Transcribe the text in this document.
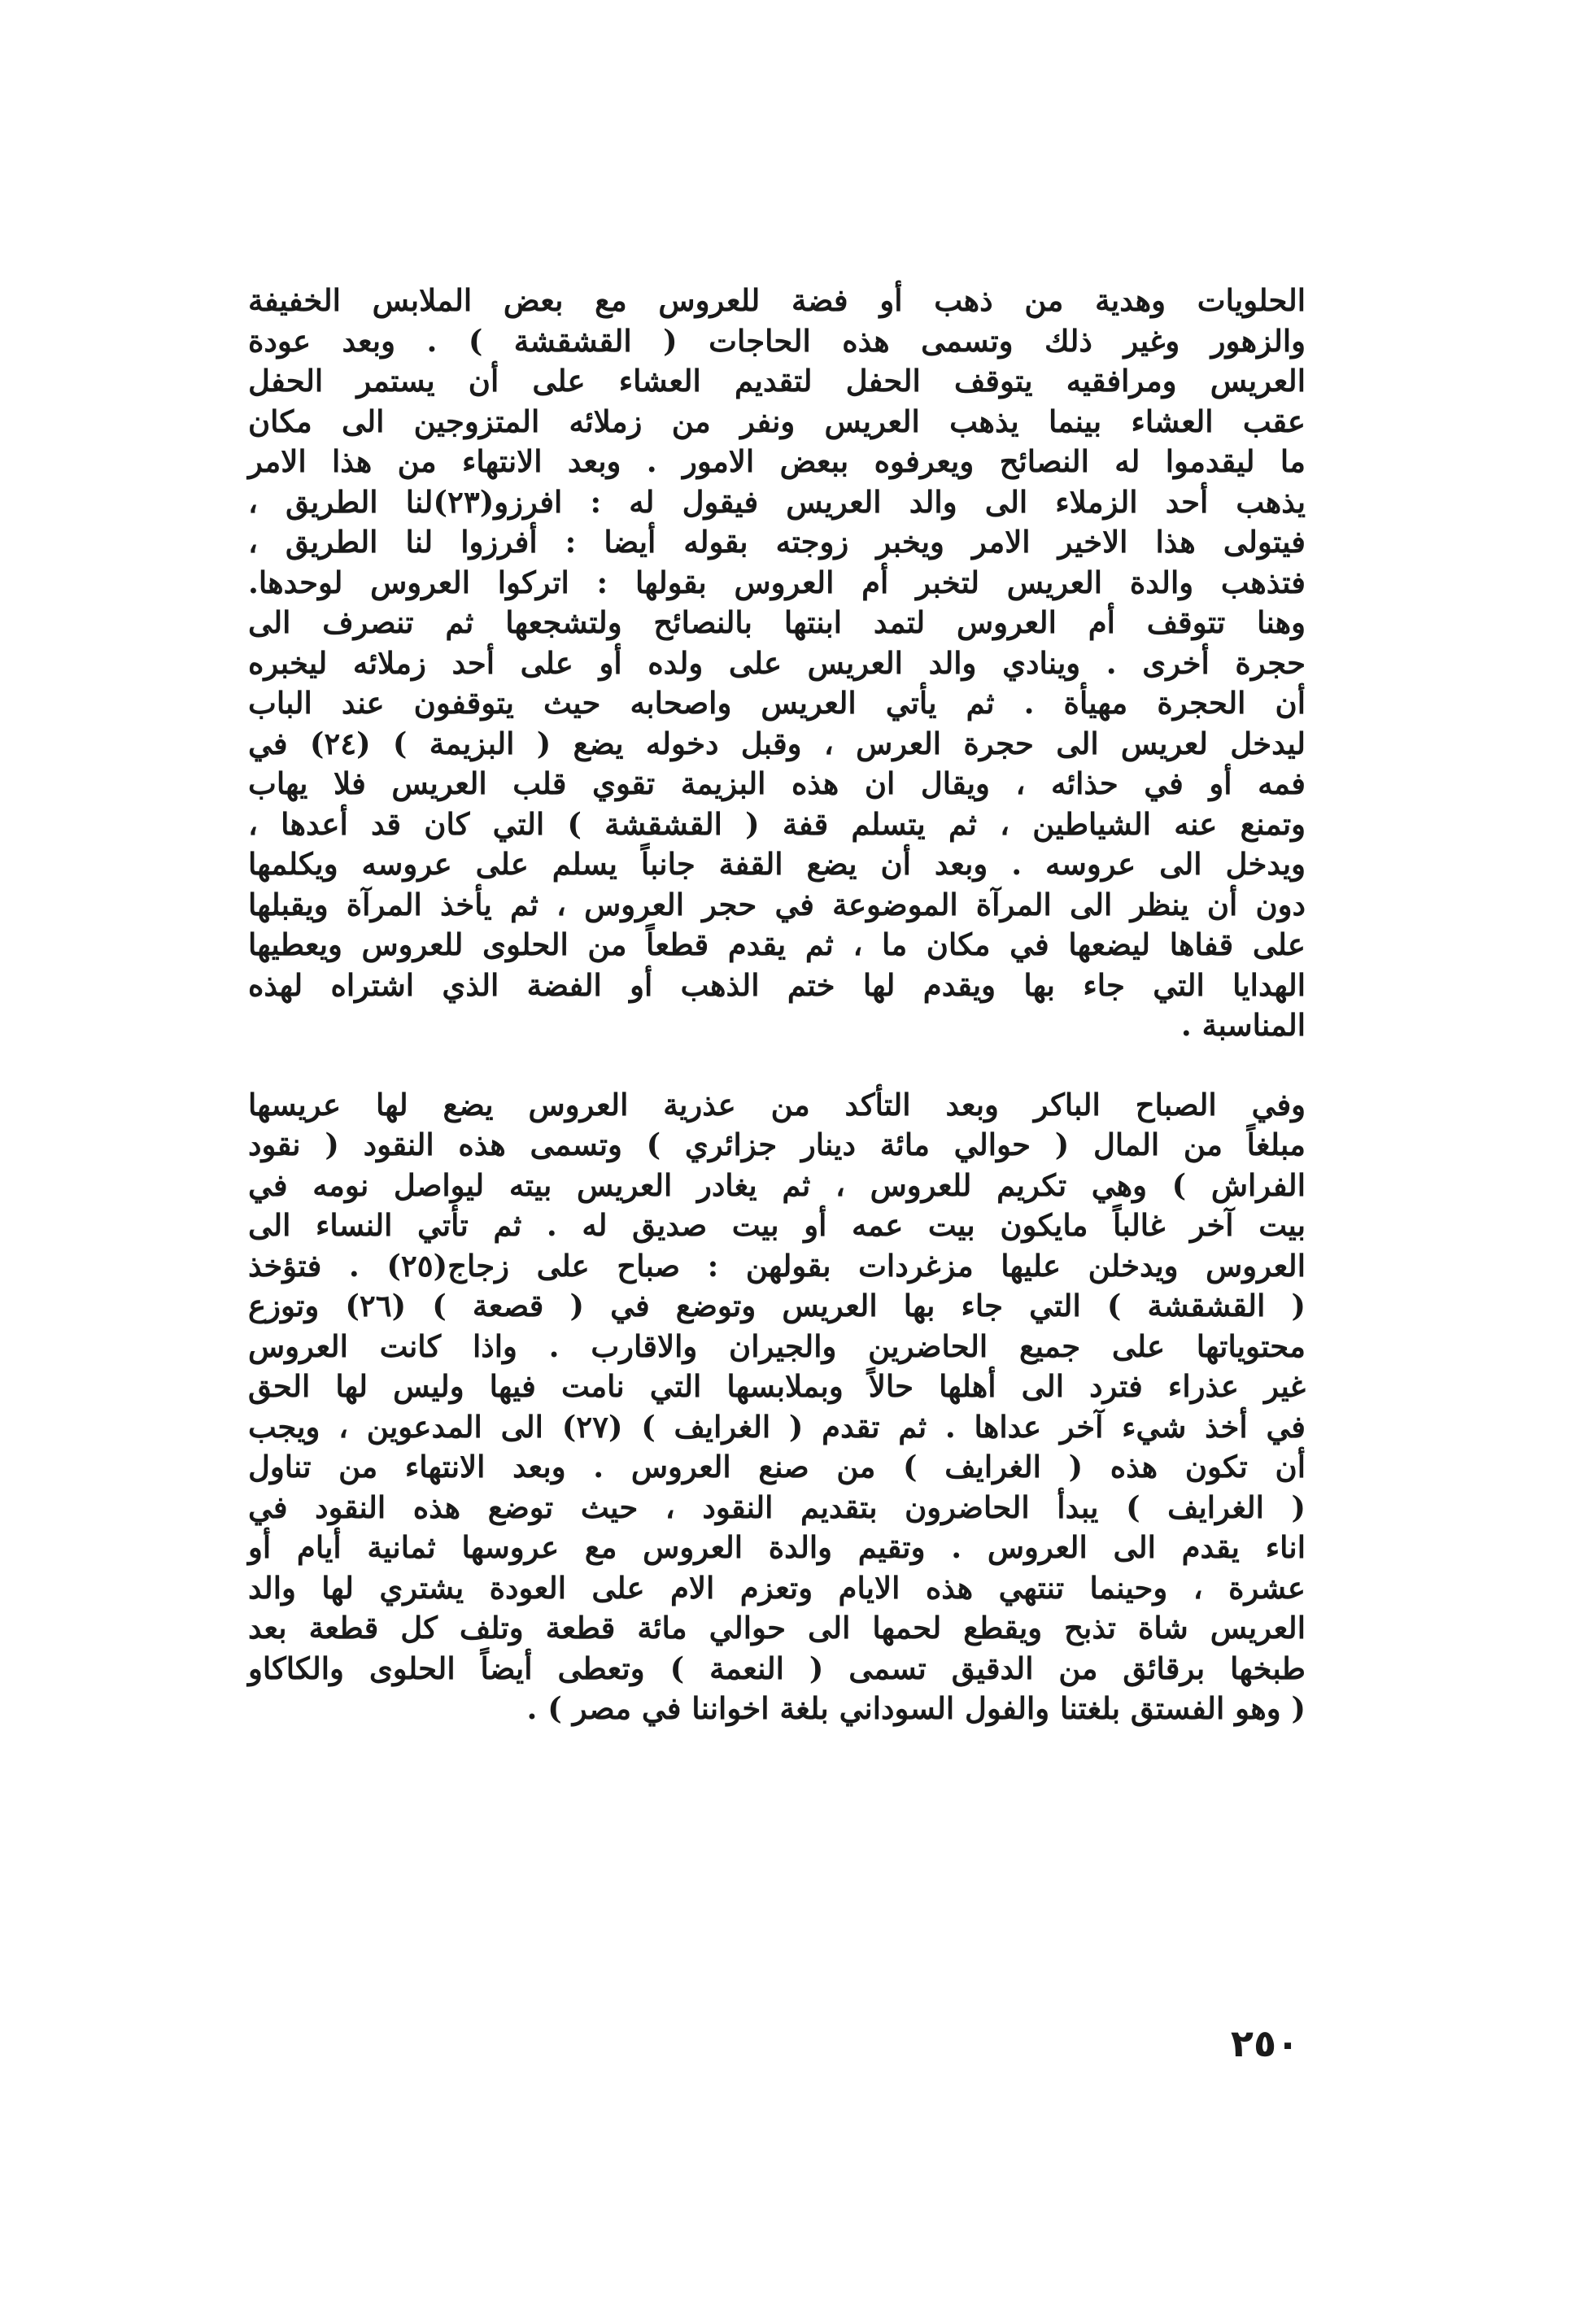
الحلويات وهدية من ذهب أو فضة للعروس مع بعض الملابس الخفيفة
والزهور وغير ذلك وتسمى هذه الحاجات ( القشقشة ) . وبعد عودة
العريس ومرافقيه يتوقف الحفل لتقديم العشاء على أن يستمر الحفل
عقب العشاء بينما يذهب العريس ونفر من زملائه المتزوجين الى مكان
ما ليقدموا له النصائح ويعرفوه ببعض الامور . وبعد الانتهاء من هذا الامر
يذهب أحد الزملاء الى والد العريس فيقول له : افرزو(٢٣)لنا الطريق ،
فيتولى هذا الاخير الامر ويخبر زوجته بقوله أيضا : أفرزوا لنا الطريق ،
فتذهب والدة العريس لتخبر أم العروس بقولها : اتركوا العروس لوحدها.
وهنا تتوقف أم العروس لتمد ابنتها بالنصائح ولتشجعها ثم تنصرف الى
حجرة أخرى . وينادي والد العريس على ولده أو على أحد زملائه ليخبره
أن الحجرة مهيأة . ثم يأتي العريس واصحابه حيث يتوقفون عند الباب
ليدخل لعريس الى حجرة العرس ، وقبل دخوله يضع ( البزيمة ) (٢٤) في
فمه أو في حذائه ، ويقال ان هذه البزيمة تقوي قلب العريس فلا يهاب
وتمنع عنه الشياطين ، ثم يتسلم قفة ( القشقشة ) التي كان قد أعدها ،
ويدخل الى عروسه . وبعد أن يضع القفة جانباً يسلم على عروسه ويكلمها
دون أن ينظر الى المرآة الموضوعة في حجر العروس ، ثم يأخذ المرآة ويقبلها
على قفاها ليضعها في مكان ما ، ثم يقدم قطعاً من الحلوى للعروس ويعطيها
الهدايا التي جاء بها ويقدم لها ختم الذهب أو الفضة الذي اشتراه لهذه
المناسبة .
وفي الصباح الباكر وبعد التأكد من عذرية العروس يضع لها عريسها
مبلغاً من المال ( حوالي مائة دينار جزائري ) وتسمى هذه النقود ( نقود
الفراش ) وهي تكريم للعروس ، ثم يغادر العريس بيته ليواصل نومه في
بيت آخر غالباً مايكون بيت عمه أو بيت صديق له . ثم تأتي النساء الى
العروس ويدخلن عليها مزغردات بقولهن : صباح على زجاج(٢٥) . فتؤخذ
( القشقشة ) التي جاء بها العريس وتوضع في ( قصعة ) (٢٦) وتوزع
محتوياتها على جميع الحاضرين والجيران والاقارب . واذا كانت العروس
غير عذراء فترد الى أهلها حالاً وبملابسها التي نامت فيها وليس لها الحق
في أخذ شيء آخر عداها . ثم تقدم ( الغرايف ) (٢٧) الى المدعوين ، ويجب
أن تكون هذه ( الغرايف ) من صنع العروس . وبعد الانتهاء من تناول
( الغرايف ) يبدأ الحاضرون بتقديم النقود ، حيث توضع هذه النقود في
اناء يقدم الى العروس . وتقيم والدة العروس مع عروسها ثمانية أيام أو
عشرة ، وحينما تنتهي هذه الايام وتعزم الام على العودة يشتري لها والد
العريس شاة تذبح ويقطع لحمها الى حوالي مائة قطعة وتلف كل قطعة بعد
طبخها برقائق من الدقيق تسمى ( النعمة ) وتعطى أيضاً الحلوى والكاكاو
( وهو الفستق بلغتنا والفول السوداني بلغة اخواننا في مصر ) .
٢٥٠
